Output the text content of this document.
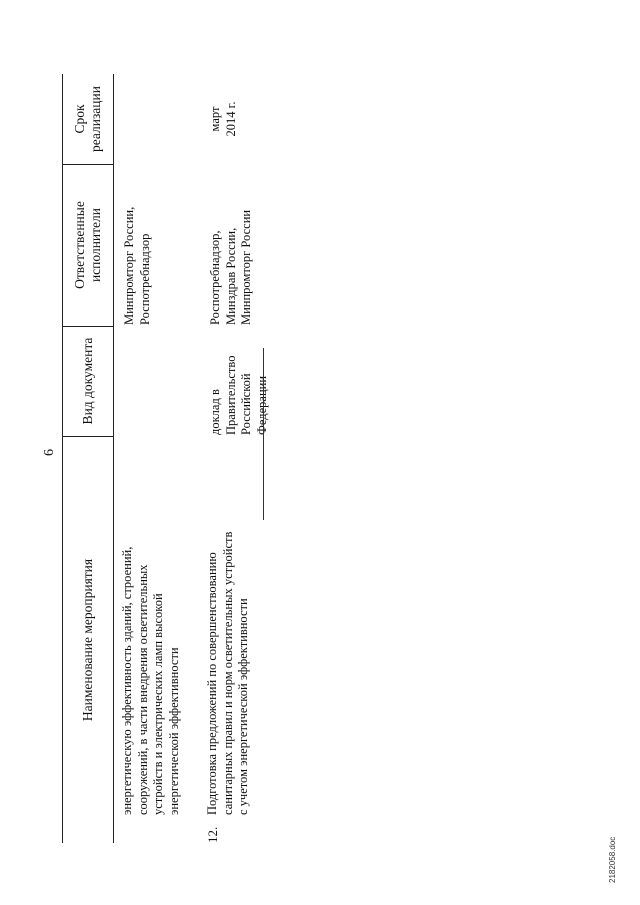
6
Наименование мероприятия
Вид документа
Ответственные
исполнители
Срок
реализации
энергетическую эффективность зданий, строений,
сооружений, в части внедрения осветительных
устройств и электрических ламп высокой
энергетической эффективности
Минпромторг России,
Роспотребнадзор
12.
Подготовка предложений по совершенствованию
санитарных правил и норм осветительных устройств
с учетом энергетической эффективности
доклад в
Правительство
Российской
Федерации
Роспотребнадзор,
Минздрав России,
Минпромторг России
март
2014 г.
2182058.doc
